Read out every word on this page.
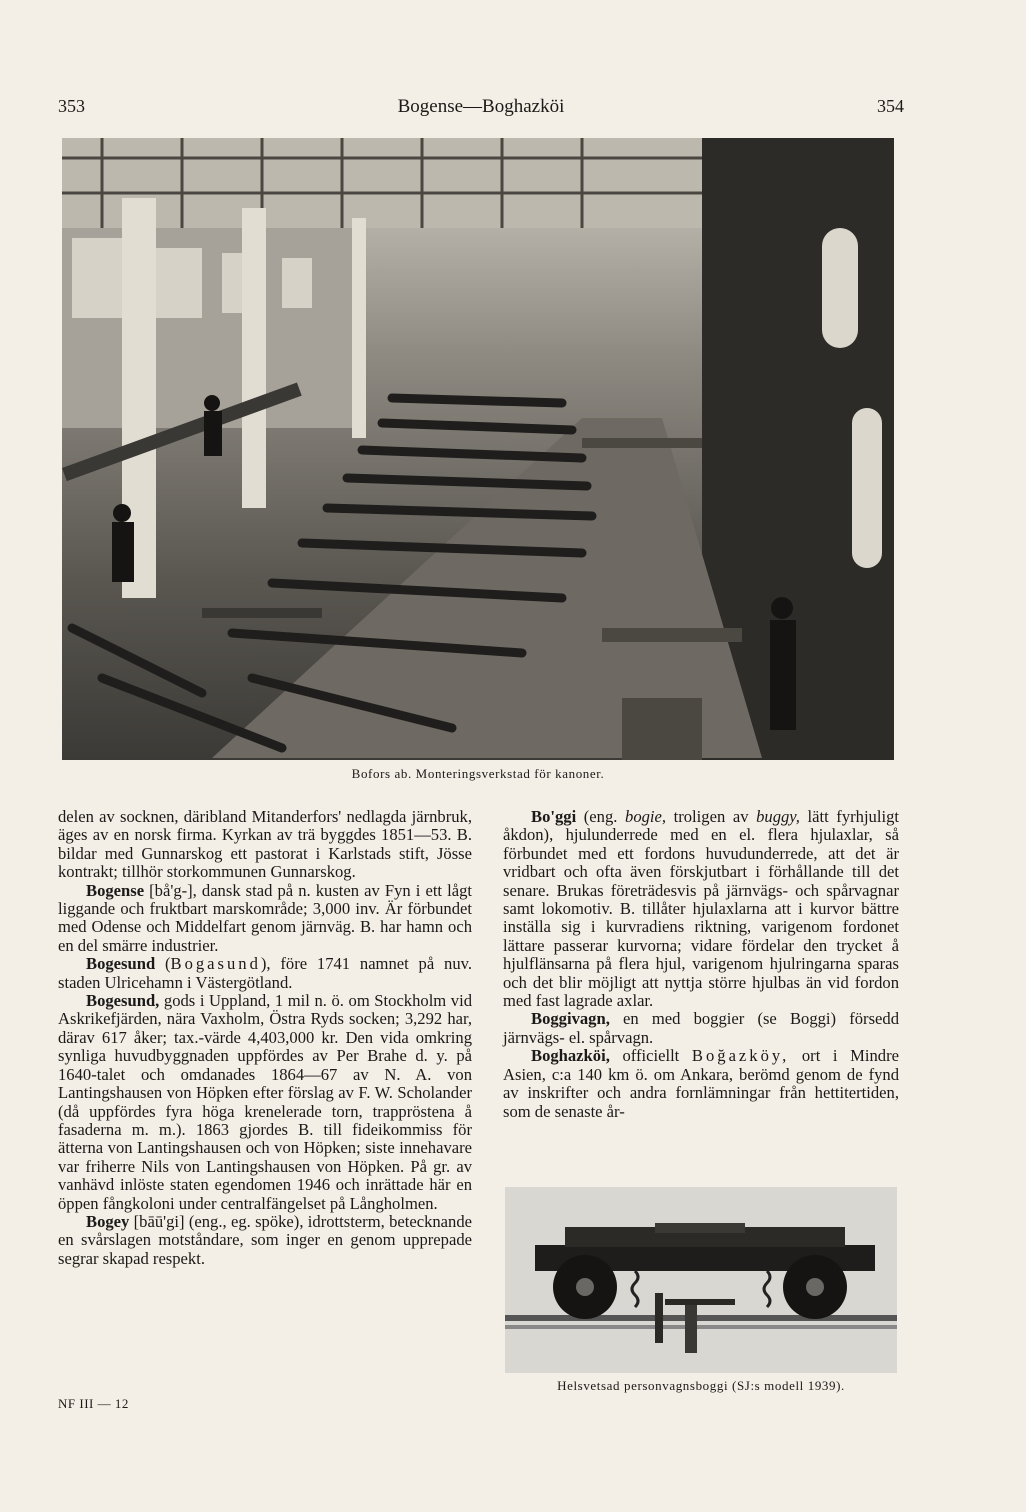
353	Bogense—Boghazköi	354
Bofors ab. Monteringsverkstad för kanoner.

delen av socknen, däribland Mitanderfors' nedlagda järnbruk, äges av en norsk firma. Kyrkan av trä byggdes 1851—53. B. bildar med Gunnarskog ett pastorat i Karlstads stift, Jösse kontrakt; tillhör storkommunen Gunnarskog.

Bogense [bå'g-], dansk stad på n. kusten av Fyn i ett lågt liggande och fruktbart marskområde; 3,000 inv. Är förbundet med Odense och Middelfart genom järnväg. B. har hamn och en del smärre industrier.

Bogesund (Bogasund), före 1741 namnet på nuv. staden Ulricehamn i Västergötland.

Bogesund, gods i Uppland, 1 mil n. ö. om Stockholm vid Askrikefjärden, nära Vaxholm, Östra Ryds socken; 3,292 har, därav 617 åker; tax.-värde 4,403,000 kr. Den vida omkring synliga huvudbyggnaden uppfördes av Per Brahe d. y. på 1640-talet och omdanades 1864—67 av N. A. von Lantingshausen von Höpken efter förslag av F. W. Scholander (då uppfördes fyra höga krenelerade torn, trappröstena å fasaderna m. m.). 1863 gjordes B. till fideikommiss för ätterna von Lantingshausen och von Höpken; siste innehavare var friherre Nils von Lantingshausen von Höpken. På gr. av vanhävd inlöste staten egendomen 1946 och inrättade här en öppen fångkoloni under centralfängelset på Långholmen.

Bogey [bāū'gi] (eng., eg. spöke), idrottsterm, betecknande en svårslagen motståndare, som inger en genom upprepade segrar skapad respekt.

Bo'ggi (eng. bogie, troligen av buggy, lätt fyrhjuligt åkdon), hjulunderrede med en el. flera hjulaxlar, så förbundet med ett fordons huvudunderrede, att det är vridbart och ofta även förskjutbart i förhållande till det senare. Brukas företrädesvis på järnvägs- och spårvagnar samt lokomotiv. B. tillåter hjulaxlarna att i kurvor bättre inställa sig i kurvradiens riktning, varigenom fordonet lättare passerar kurvorna; vidare fördelar den trycket å hjulflänsarna på flera hjul, varigenom hjulringarna sparas och det blir möjligt att nyttja större hjulbas än vid fordon med fast lagrade axlar.

Boggivagn, en med boggier (se Boggi) försedd järnvägs- el. spårvagn.

Boghazköi, officiellt Boğazköy, ort i Mindre Asien, c:a 140 km ö. om Ankara, berömd genom de fynd av inskrifter och andra fornlämningar från hettitertiden, som de senaste år-

Helsvetsad personvagnsboggi (SJ:s modell 1939).
NF III — 12
